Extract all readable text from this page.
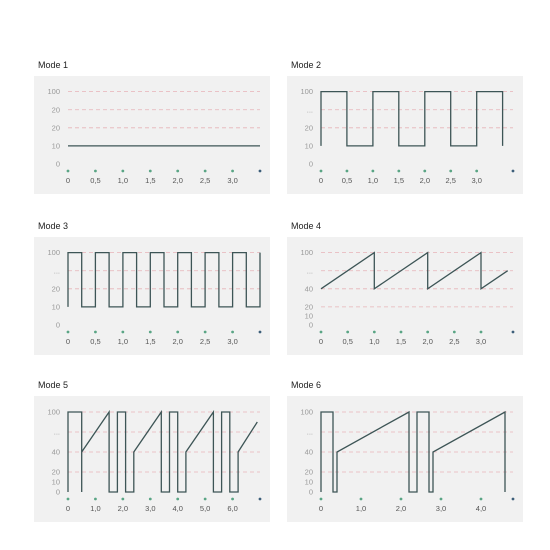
Mode 1
0
10
20
20
100
0	0,5 1,0 1,5 2,0 2,5 3,0
Mode 2
0
10
20
...
100
0 0,5 1,0 1,5 2,0 2,5 3,0
Mode 3
0
10
20
...
100
0	0,5 1,0 1,5 2,0 2,5 3,0
Mode 4
0
10
20
40
...
100
0	0,5 1,0 1,5 2,0 2,5 3,0
Mode 5
0
10
20
40
...
100
0	1,0 2,0 3,0 4,0 5,0 6,0
Mode 6
0
10
20
40
...
100
0	1,0	2,0	3,0	4,0
